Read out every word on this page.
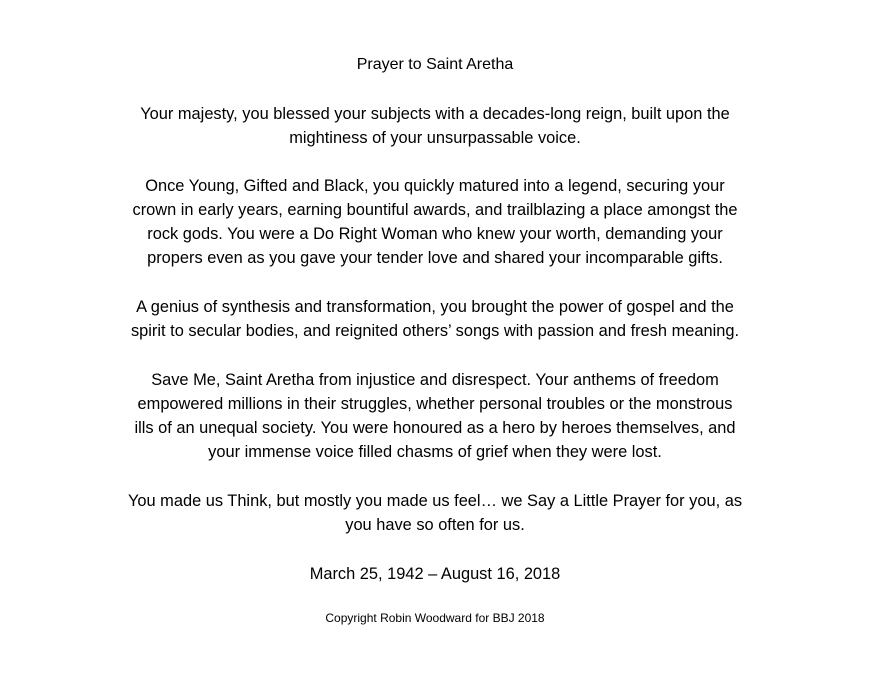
Prayer to Saint Aretha
Your majesty, you blessed your subjects with a decades-long reign, built upon the
mightiness of your unsurpassable voice.
Once Young, Gifted and Black, you quickly matured into a legend, securing your
crown in early years, earning bountiful awards, and trailblazing a place amongst the
rock gods. You were a Do Right Woman who knew your worth, demanding your
propers even as you gave your tender love and shared your incomparable gifts.
A genius of synthesis and transformation, you brought the power of gospel and the
spirit to secular bodies, and reignited others’ songs with passion and fresh meaning.
Save Me, Saint Aretha from injustice and disrespect. Your anthems of freedom
empowered millions in their struggles, whether personal troubles or the monstrous
ills of an unequal society. You were honoured as a hero by heroes themselves, and
your immense voice filled chasms of grief when they were lost.
You made us Think, but mostly you made us feel… we Say a Little Prayer for you, as
you have so often for us.
March 25, 1942 – August 16, 2018
Copyright Robin Woodward for BBJ 2018
